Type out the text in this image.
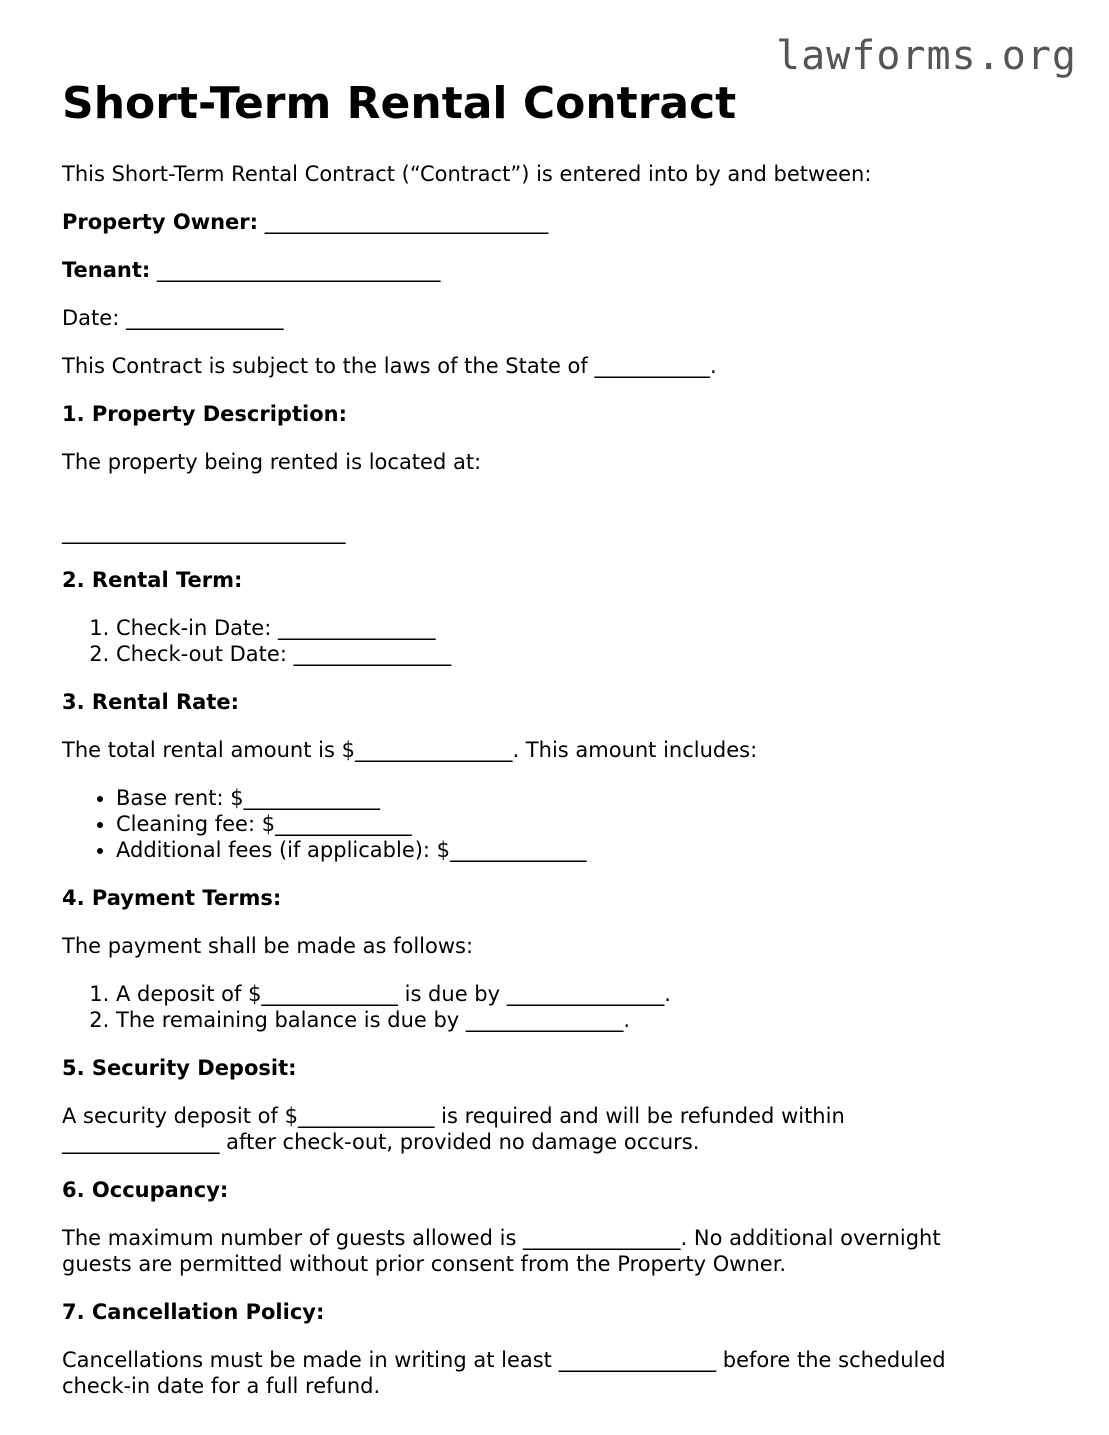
lawforms.org
Short-Term Rental Contract

This Short-Term Rental Contract (“Contract”) is entered into by and between:

Property Owner: ___________________________

Tenant: ___________________________

Date: _______________

This Contract is subject to the laws of the State of ___________.

1. Property Description:

The property being rented is located at:

___________________________

2. Rental Term:

1. Check-in Date: _______________
2. Check-out Date: _______________

3. Rental Rate:

The total rental amount is $_______________. This amount includes:

• Base rent: $_____________
• Cleaning fee: $_____________
• Additional fees (if applicable): $_____________

4. Payment Terms:

The payment shall be made as follows:

1. A deposit of $_____________ is due by _______________.
2. The remaining balance is due by _______________.

5. Security Deposit:

A security deposit of $_____________ is required and will be refunded within

_______________ after check-out, provided no damage occurs.

6. Occupancy:

The maximum number of guests allowed is _______________. No additional overnight

guests are permitted without prior consent from the Property Owner.

7. Cancellation Policy:

Cancellations must be made in writing at least _______________ before the scheduled

check-in date for a full refund.
